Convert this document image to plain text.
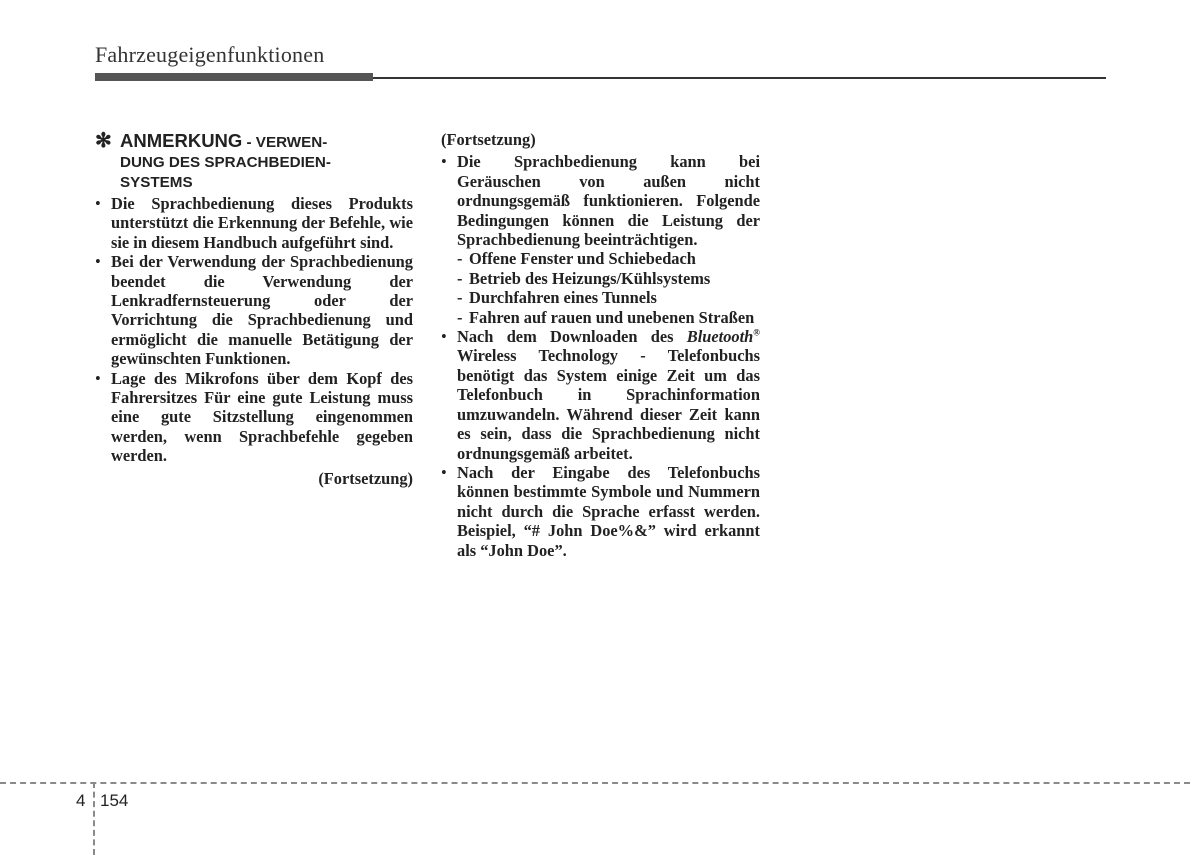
Fahrzeugeigenfunktionen
✻ ANMERKUNG - VERWEN-
DUNG DES SPRACHBEDIEN-
SYSTEMS
• Die Sprachbedienung dieses Produkts unterstützt die Erkennung der Befehle, wie sie in diesem Handbuch aufgeführt sind.
• Bei der Verwendung der Sprachbedienung beendet die Verwendung der Lenkradfernsteuerung oder der Vorrichtung die Sprachbedienung und ermöglicht die manuelle Betätigung der gewünschten Funktionen.
• Lage des Mikrofons über dem Kopf des Fahrersitzes Für eine gute Leistung muss eine gute Sitzstellung eingenommen werden, wenn Sprachbefehle gegeben werden.
(Fortsetzung)
(Fortsetzung)
• Die Sprachbedienung kann bei Geräuschen von außen nicht ordnungsgemäß funktionieren. Folgende Bedingungen können die Leistung der Sprachbedienung beeinträchtigen.
- Offene Fenster und Schiebedach
- Betrieb des Heizungs/Kühlsystems
- Durchfahren eines Tunnels
- Fahren auf rauen und unebenen Straßen
• Nach dem Downloaden des Bluetooth® Wireless Technology - Telefonbuchs benötigt das System einige Zeit um das Telefonbuch in Sprachinformation umzuwandeln. Während dieser Zeit kann es sein, dass die Sprachbedienung nicht ordnungsgemäß arbeitet.
• Nach der Eingabe des Telefonbuchs können bestimmte Symbole und Nummern nicht durch die Sprache erfasst werden. Beispiel, “# John Doe%&” wird erkannt als “John Doe”.
4 154
